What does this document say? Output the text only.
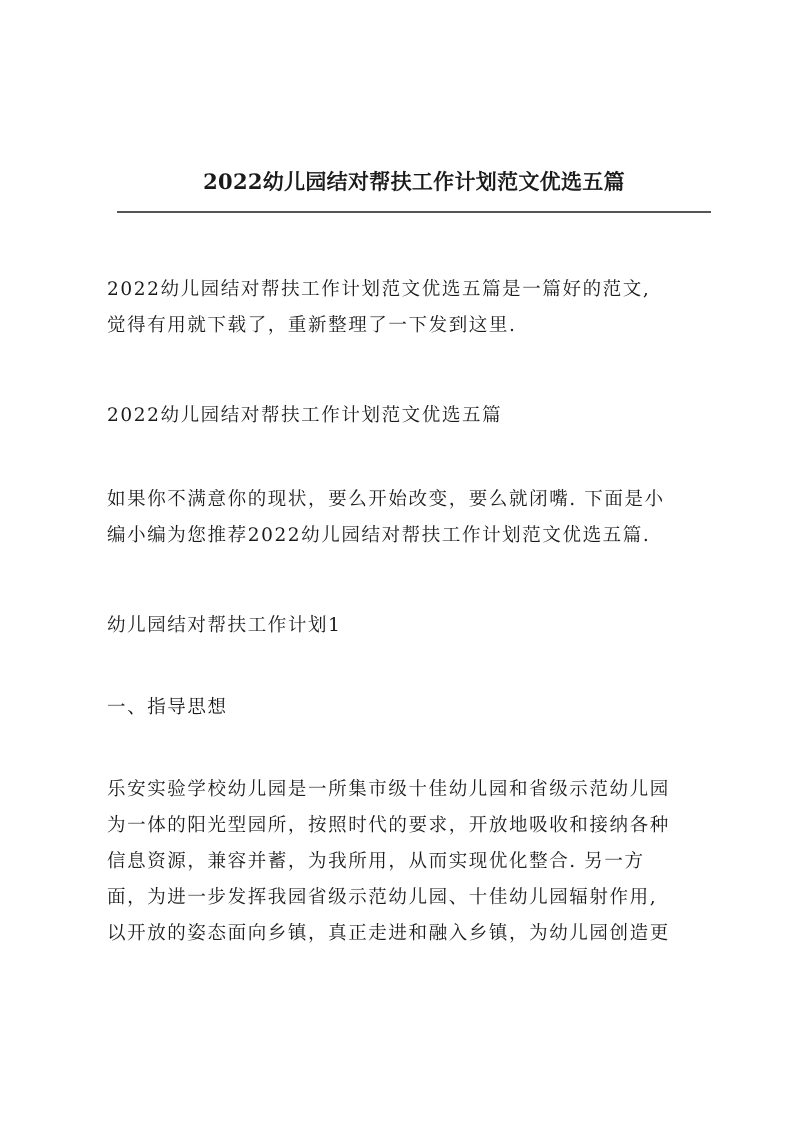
2022幼儿园结对帮扶工作计划范文优选五篇
2022幼儿园结对帮扶工作计划范文优选五篇是一篇好的范文,
觉得有用就下载了，重新整理了一下发到这里.
2022幼儿园结对帮扶工作计划范文优选五篇
如果你不满意你的现状，要么开始改变，要么就闭嘴. 下面是小
编小编为您推荐2022幼儿园结对帮扶工作计划范文优选五篇.
幼儿园结对帮扶工作计划1
一、指导思想
乐安实验学校幼儿园是一所集市级十佳幼儿园和省级示范幼儿园
为一体的阳光型园所，按照时代的要求，开放地吸收和接纳各种
信息资源，兼容并蓄，为我所用，从而实现优化整合. 另一方
面，为进一步发挥我园省级示范幼儿园、十佳幼儿园辐射作用,
以开放的姿态面向乡镇，真正走进和融入乡镇，为幼儿园创造更
